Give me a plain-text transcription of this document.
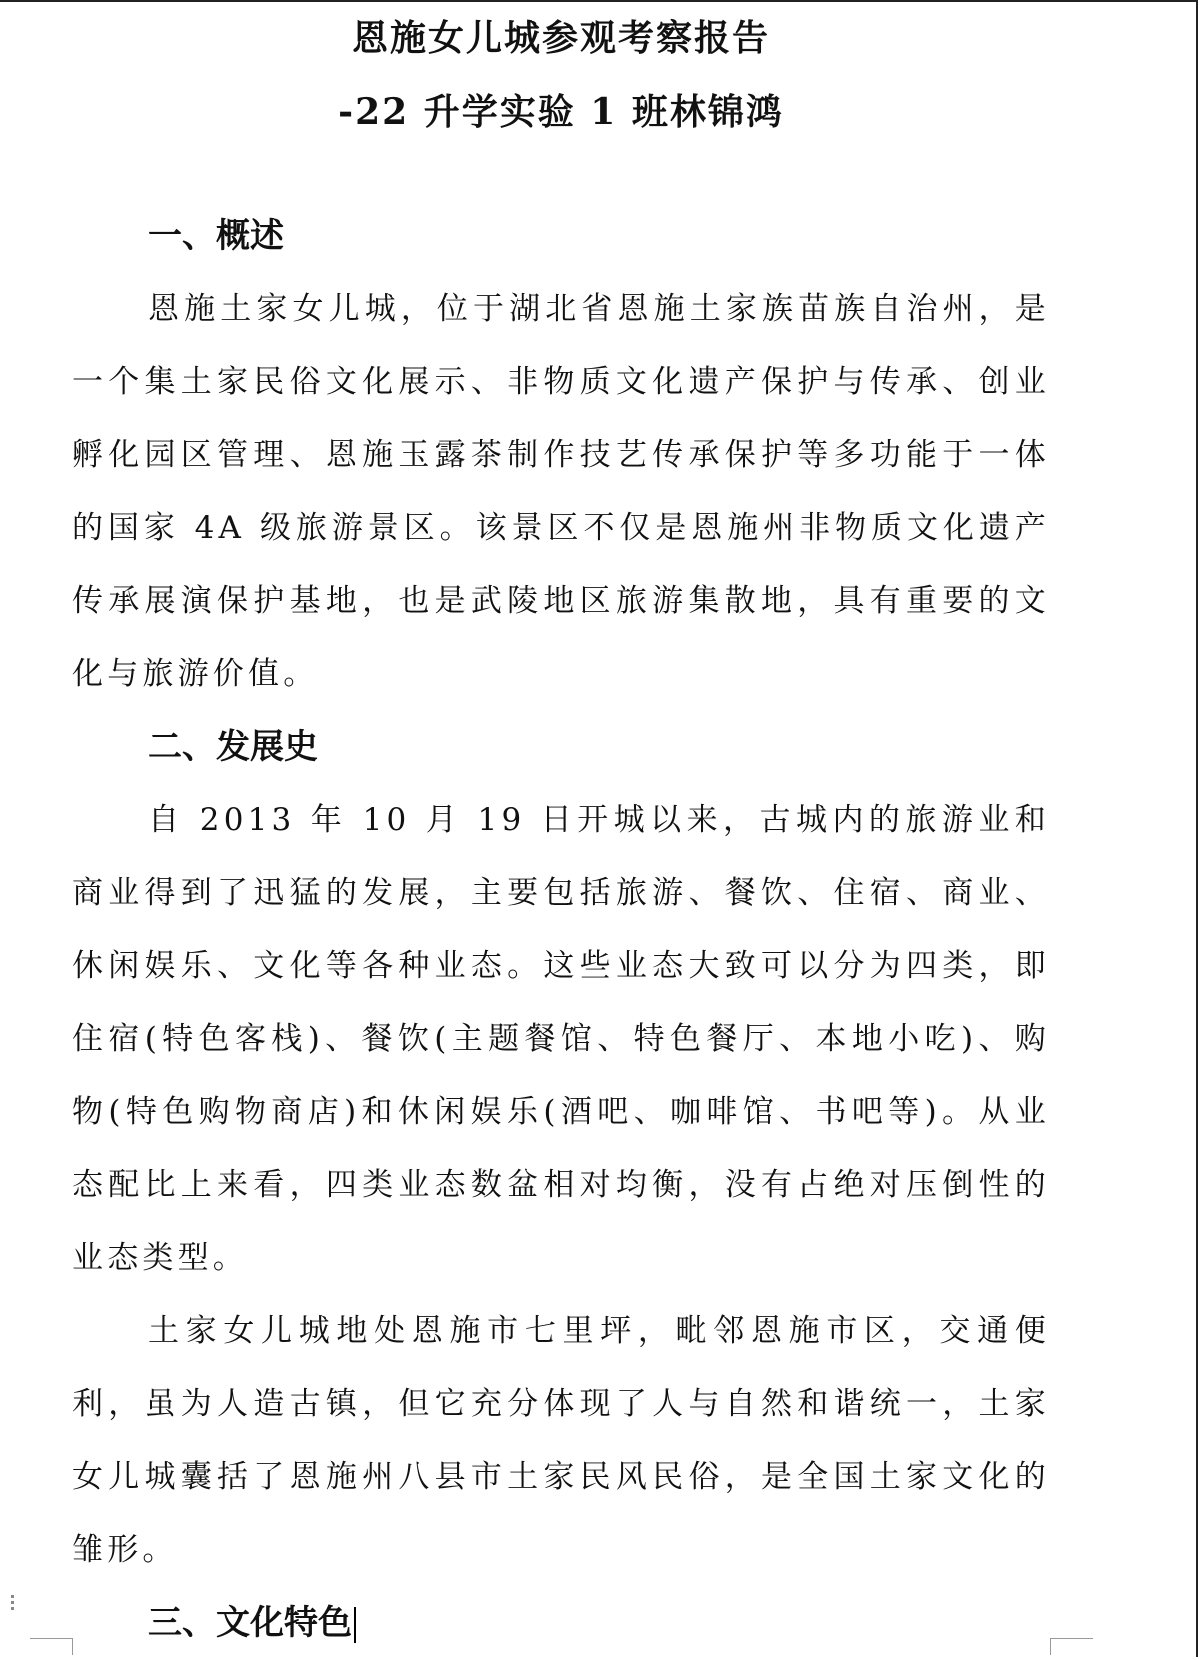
恩施女儿城参观考察报告
-22 升学实验 1 班林锦鸿
一、概述

恩施土家女儿城，位于湖北省恩施土家族苗族自治州，是一个集土家民俗文化展示、非物质文化遗产保护与传承、创业孵化园区管理、恩施玉露茶制作技艺传承保护等多功能于一体的国家 4A 级旅游景区。该景区不仅是恩施州非物质文化遗产传承展演保护基地，也是武陵地区旅游集散地，具有重要的文化与旅游价值。

二、发展史

自 2013 年 10 月 19 日开城以来，古城内的旅游业和商业得到了迅猛的发展，主要包括旅游、餐饮、住宿、商业、休闲娱乐、文化等各种业态。这些业态大致可以分为四类，即住宿(特色客栈)、餐饮(主题餐馆、特色餐厅、本地小吃)、购物(特色购物商店)和休闲娱乐(酒吧、咖啡馆、书吧等)。从业态配比上来看，四类业态数盆相对均衡，没有占绝对压倒性的业态类型。

土家女儿城地处恩施市七里坪，毗邻恩施市区，交通便利，虽为人造古镇，但它充分体现了人与自然和谐统一，土家女儿城囊括了恩施州八县市土家民风民俗，是全国土家文化的雏形。

三、文化特色
